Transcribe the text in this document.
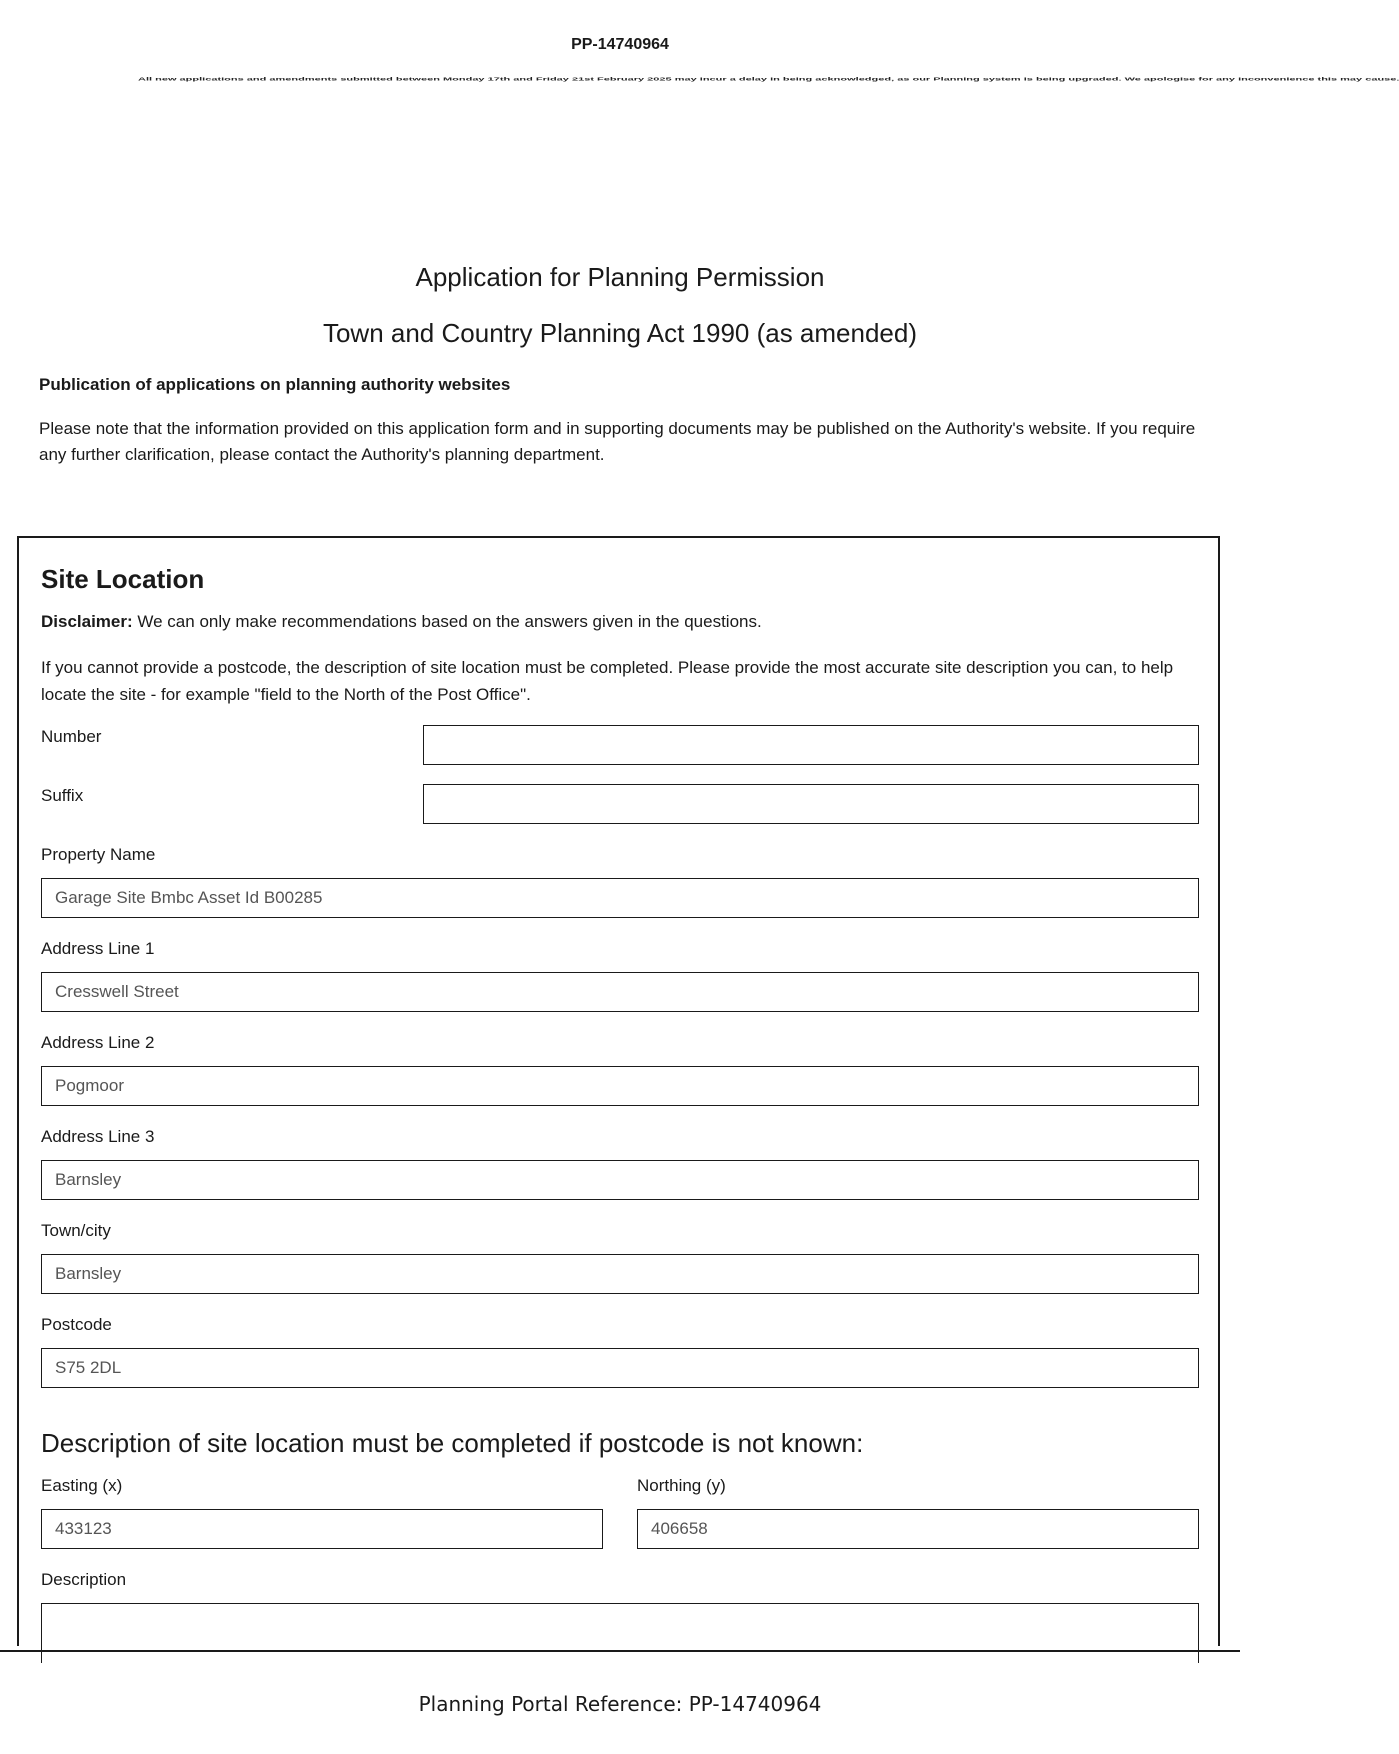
PP-14740964
All new applications and amendments submitted between Monday 17th and Friday 21st February 2025 may incur a delay in being acknowledged, as our Planning system is being upgraded. We apologise for any inconvenience this may cause.
Application for Planning Permission
Town and Country Planning Act 1990 (as amended)
Publication of applications on planning authority websites
Please note that the information provided on this application form and in supporting documents may be published on the Authority's website. If you require any further clarification, please contact the Authority's planning department.
Site Location
Disclaimer: We can only make recommendations based on the answers given in the questions.
If you cannot provide a postcode, the description of site location must be completed. Please provide the most accurate site description you can, to help locate the site - for example "field to the North of the Post Office".
Number
Suffix
Property Name
Garage Site Bmbc Asset Id B00285
Address Line 1
Cresswell Street
Address Line 2
Pogmoor
Address Line 3
Barnsley
Town/city
Barnsley
Postcode
S75 2DL
Description of site location must be completed if postcode is not known:
Easting (x)
433123
Northing (y)
406658
Description
Planning Portal Reference: PP-14740964
